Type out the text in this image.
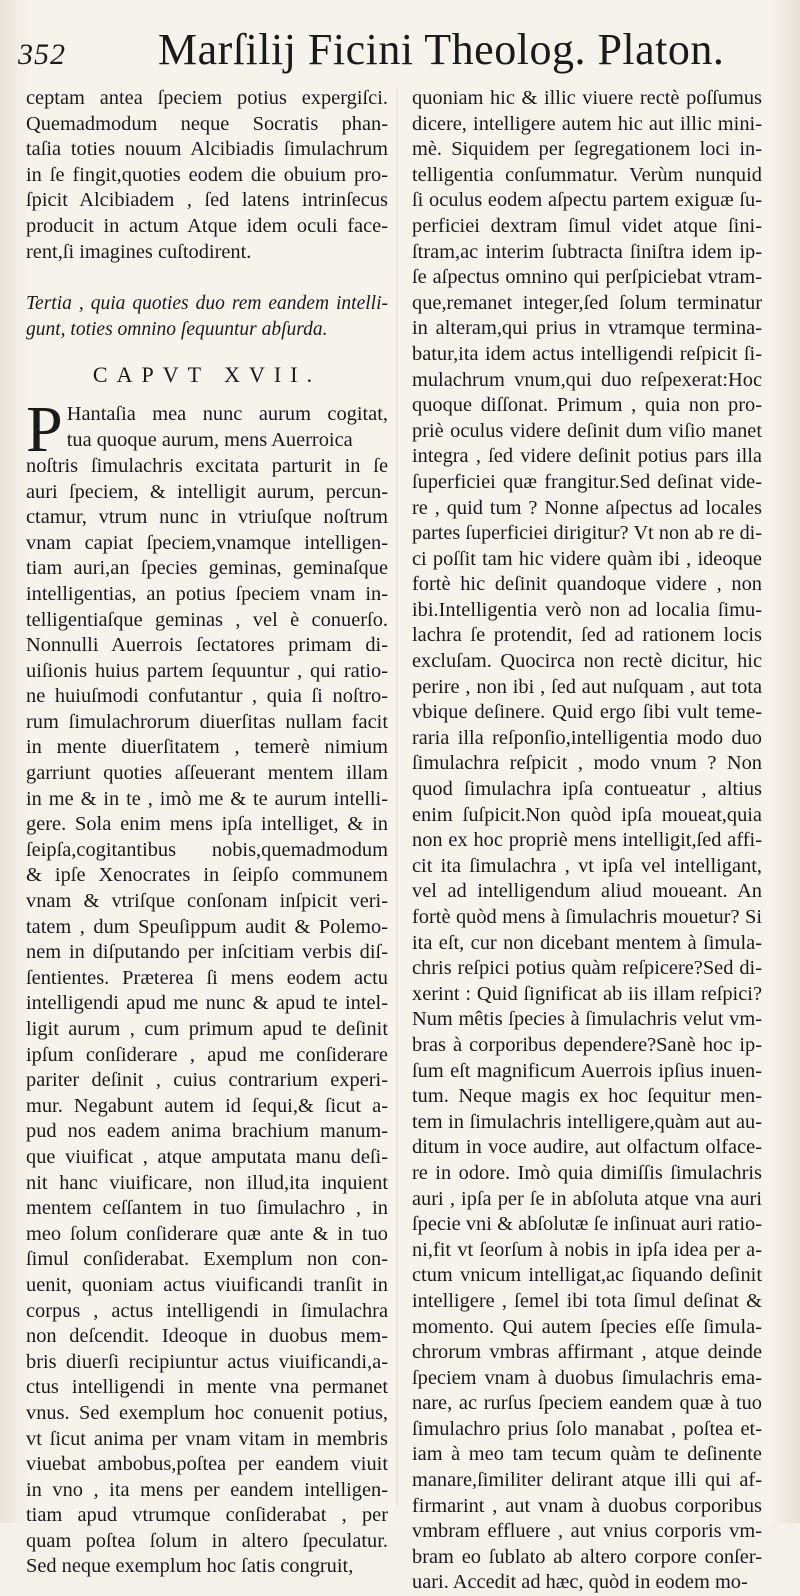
352 Marſilij Ficini Theolog. Platon.
ceptam antea ſpeciem potius expergiſci.
Quemadmodum neque Socratis phan-
taſia toties nouum Alcibiadis ſimulachrum
in ſe fingit,quoties eodem die obuium pro-
ſpicit Alcibiadem , ſed latens intrinſecus
producit in actum Atque idem oculi face-
rent,ſi imagines cuſtodirent.
Tertia , quia quoties duo rem eandem intelli-
gunt, toties omnino ſequuntur abſurda.
CAPVT XVII.
P Hantaſia mea nunc aurum cogitat,
tua quoque aurum, mens Auerroica
noſtris ſimulachris excitata parturit in ſe
auri ſpeciem, & intelligit aurum, percun-
ctamur, vtrum nunc in vtriuſque noſtrum
vnam capiat ſpeciem,vnamque intelligen-
tiam auri,an ſpecies geminas, geminaſque
intelligentias, an potius ſpeciem vnam in-
telligentiaſque geminas , vel è conuerſo.
Nonnulli Auerrois ſectatores primam di-
uiſionis huius partem ſequuntur , qui ratio-
ne huiuſmodi confutantur , quia ſi noſtro-
rum ſimulachrorum diuerſitas nullam facit
in mente diuerſitatem , temerè nimium
garriunt quoties aſſeuerant mentem illam
in me & in te , imò me & te aurum intelli-
gere. Sola enim mens ipſa intelliget, & in
ſeipſa,cogitantibus nobis,quemadmodum
& ipſe Xenocrates in ſeipſo communem
vnam & vtriſque conſonam inſpicit veri-
tatem , dum Speuſippum audit & Polemo-
nem in diſputando per inſcitiam verbis diſ-
ſentientes. Præterea ſi mens eodem actu
intelligendi apud me nunc & apud te intel-
ligit aurum , cum primum apud te deſinit
ipſum conſiderare , apud me conſiderare
pariter deſinit , cuius contrarium experi-
mur. Negabunt autem id ſequi,& ſicut a-
pud nos eadem anima brachium manum-
que viuificat , atque amputata manu deſi-
nit hanc viuificare, non illud,ita inquient
mentem ceſſantem in tuo ſimulachro , in
meo ſolum conſiderare quæ ante & in tuo
ſimul conſiderabat. Exemplum non con-
uenit, quoniam actus viuificandi tranſit in
corpus , actus intelligendi in ſimulachra
non deſcendit. Ideoque in duobus mem-
bris diuerſi recipiuntur actus viuificandi,a-
ctus intelligendi in mente vna permanet
vnus. Sed exemplum hoc conuenit potius,
vt ſicut anima per vnam vitam in membris
viuebat ambobus,poſtea per eandem viuit
in vno , ita mens per eandem intelligen-
tiam apud vtrumque conſiderabat , per
quam poſtea ſolum in altero ſpeculatur.
Sed neque exemplum hoc ſatis congruit,
quoniam hic & illic viuere rectè poſſumus
dicere, intelligere autem hic aut illic mini-
mè. Siquidem per ſegregationem loci in-
telligentia conſummatur. Verùm nunquid
ſi oculus eodem aſpectu partem exiguæ ſu-
perficiei dextram ſimul videt atque ſini-
ſtram,ac interim ſubtracta ſiniſtra idem ip-
ſe aſpectus omnino qui perſpiciebat vtram-
que,remanet integer,ſed ſolum terminatur
in alteram,qui prius in vtramque termina-
batur,ita idem actus intelligendi reſpicit ſi-
mulachrum vnum,qui duo reſpexerat:Hoc
quoque diſſonat. Primum , quia non pro-
priè oculus videre deſinit dum viſio manet
integra , ſed videre deſinit potius pars illa
ſuperficiei quæ frangitur.Sed deſinat vide-
re , quid tum ? Nonne aſpectus ad locales
partes ſuperficiei dirigitur? Vt non ab re di-
ci poſſit tam hic videre quàm ibi , ideoque
fortè hic deſinit quandoque videre , non
ibi.Intelligentia verò non ad localia ſimu-
lachra ſe protendit, ſed ad rationem locis
excluſam. Quocirca non rectè dicitur, hic
perire , non ibi , ſed aut nuſquam , aut tota
vbique deſinere. Quid ergo ſibi vult teme-
raria illa reſponſio,intelligentia modo duo
ſimulachra reſpicit , modo vnum ? Non
quod ſimulachra ipſa contueatur , altius
enim ſuſpicit.Non quòd ipſa moueat,quia
non ex hoc propriè mens intelligit,ſed affi-
cit ita ſimulachra , vt ipſa vel intelligant,
vel ad intelligendum aliud moueant. An
fortè quòd mens à ſimulachris mouetur? Si
ita eſt, cur non dicebant mentem à ſimula-
chris reſpici potius quàm reſpicere?Sed di-
xerint : Quid ſignificat ab iis illam reſpici?
Num mêtis ſpecies à ſimulachris velut vm-
bras à corporibus dependere?Sanè hoc ip-
ſum eſt magnificum Auerrois ipſius inuen-
tum. Neque magis ex hoc ſequitur men-
tem in ſimulachris intelligere,quàm aut au-
ditum in voce audire, aut olfactum olface-
re in odore. Imò quia dimiſſis ſimulachris
auri , ipſa per ſe in abſoluta atque vna auri
ſpecie vni & abſolutæ ſe inſinuat auri ratio-
ni,fit vt ſeorſum à nobis in ipſa idea per a-
ctum vnicum intelligat,ac ſiquando deſinit
intelligere , ſemel ibi tota ſimul deſinat &
momento. Qui autem ſpecies eſſe ſimula-
chrorum vmbras affirmant , atque deinde
ſpeciem vnam à duobus ſimulachris ema-
nare, ac rurſus ſpeciem eandem quæ à tuo
ſimulachro prius ſolo manabat , poſtea et-
iam à meo tam tecum quàm te deſinente
manare,ſimiliter delirant atque illi qui af-
firmarint , aut vnam à duobus corporibus
vmbram effluere , aut vnius corporis vm-
bram eo ſublato ab altero corpore conſer-
uari. Accedit ad hæc, quòd in eodem mo-
